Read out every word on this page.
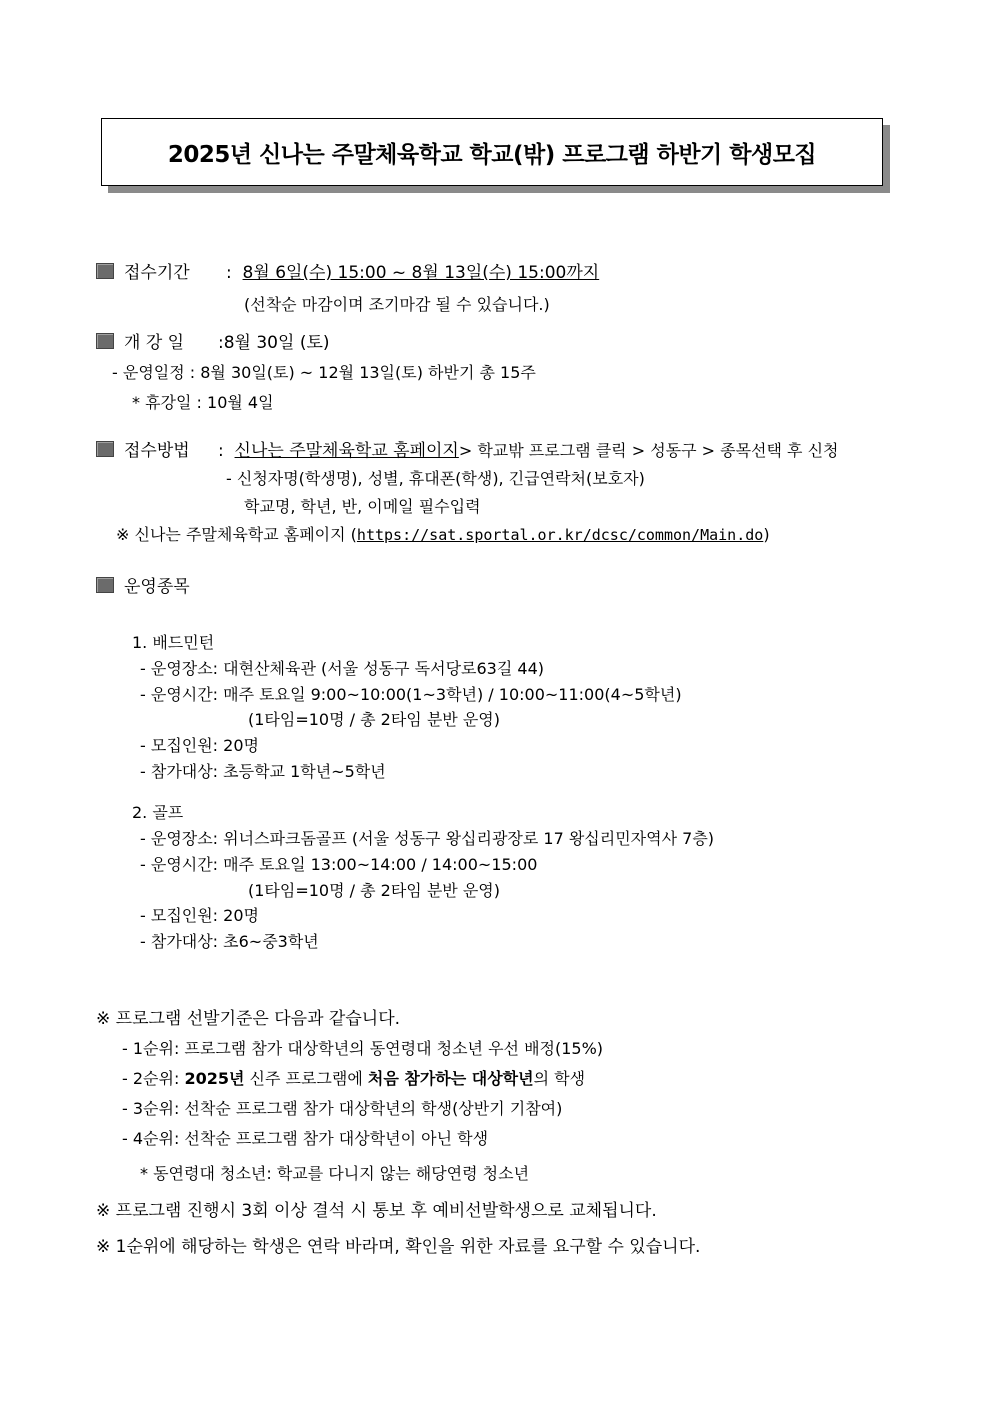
2025년 신나는 주말체육학교 학교(밖) 프로그램 하반기 학생모집
접수기간 :  8월 6일(수) 15:00 ~ 8월 13일(수) 15:00까지
(선착순 마감이며 조기마감 될 수 있습니다.)
개 강 일 :8월 30일 (토)
- 운영일정 : 8월 30일(토) ~ 12월 13일(토) 하반기 총 15주
* 휴강일 : 10월 4일
접수방법 : 신나는 주말체육학교 홈페이지> 학교밖 프로그램 클릭 > 성동구 > 종목선택 후 신청
- 신청자명(학생명), 성별, 휴대폰(학생), 긴급연락처(보호자)
학교명, 학년, 반, 이메일 필수입력
※ 신나는 주말체육학교 홈페이지 (https://sat.sportal.or.kr/dcsc/common/Main.do)
운영종목
1. 배드민턴
- 운영장소: 대현산체육관 (서울 성동구 독서당로63길 44)
- 운영시간: 매주 토요일 9:00~10:00(1~3학년) / 10:00~11:00(4~5학년)
(1타임=10명 / 총 2타임 분반 운영)
- 모집인원: 20명
- 참가대상: 초등학교 1학년~5학년
2. 골프
- 운영장소: 위너스파크돔골프 (서울 성동구 왕십리광장로 17 왕십리민자역사 7층)
- 운영시간: 매주 토요일 13:00~14:00 / 14:00~15:00
(1타임=10명 / 총 2타임 분반 운영)
- 모집인원: 20명
- 참가대상: 초6~중3학년
※ 프로그램 선발기준은 다음과 같습니다.
- 1순위: 프로그램 참가 대상학년의 동연령대 청소년 우선 배정(15%)
- 2순위: 2025년 신주 프로그램에 처음 참가하는 대상학년의 학생
- 3순위: 선착순 프로그램 참가 대상학년의 학생(상반기 기참여)
- 4순위: 선착순 프로그램 참가 대상학년이 아닌 학생
* 동연령대 청소년: 학교를 다니지 않는 해당연령 청소년
※ 프로그램 진행시 3회 이상 결석 시 통보 후 예비선발학생으로 교체됩니다.
※ 1순위에 해당하는 학생은 연락 바라며, 확인을 위한 자료를 요구할 수 있습니다.
